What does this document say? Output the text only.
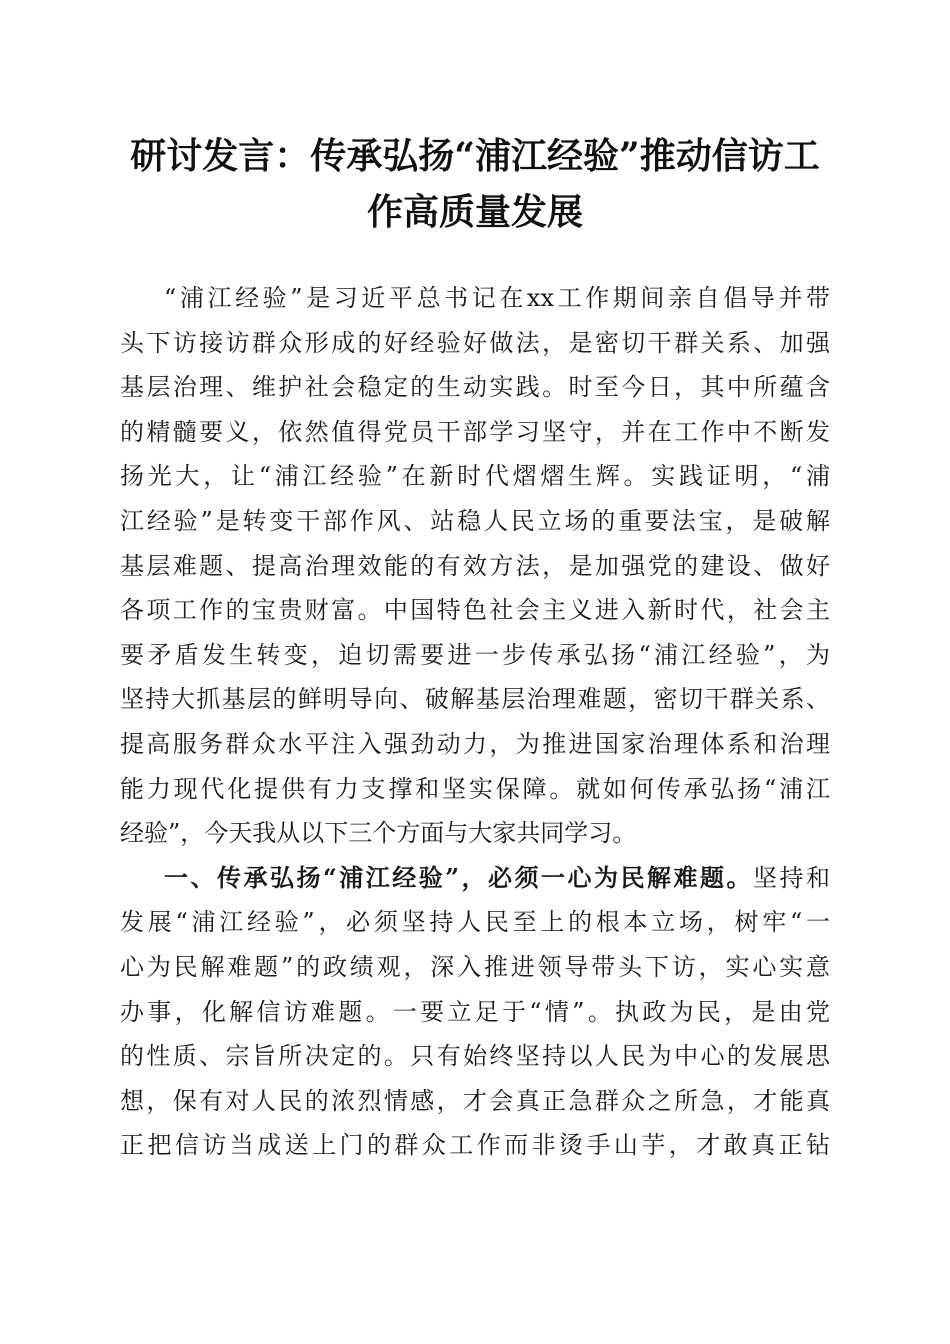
研讨发言：传承弘扬“浦江经验”推动信访工
作高质量发展
“浦江经验”是习近平总书记在xx工作期间亲自倡导并带
头下访接访群众形成的好经验好做法，是密切干群关系、加强
基层治理、维护社会稳定的生动实践。时至今日，其中所蕴含
的精髓要义，依然值得党员干部学习坚守，并在工作中不断发
扬光大，让“浦江经验”在新时代熠熠生辉。实践证明，“浦
江经验”是转变干部作风、站稳人民立场的重要法宝，是破解
基层难题、提高治理效能的有效方法，是加强党的建设、做好
各项工作的宝贵财富。中国特色社会主义进入新时代，社会主
要矛盾发生转变，迫切需要进一步传承弘扬“浦江经验”，为
坚持大抓基层的鲜明导向、破解基层治理难题，密切干群关系、
提高服务群众水平注入强劲动力，为推进国家治理体系和治理
能力现代化提供有力支撑和坚实保障。就如何传承弘扬“浦江
经验”，今天我从以下三个方面与大家共同学习。
一、传承弘扬“浦江经验”，必须一心为民解难题。坚持和
发展“浦江经验”，必须坚持人民至上的根本立场，树牢“一
心为民解难题”的政绩观，深入推进领导带头下访，实心实意
办事，化解信访难题。一要立足于“情”。执政为民，是由党
的性质、宗旨所决定的。只有始终坚持以人民为中心的发展思
想，保有对人民的浓烈情感，才会真正急群众之所急，才能真
正把信访当成送上门的群众工作而非烫手山芋，才敢真正钻
